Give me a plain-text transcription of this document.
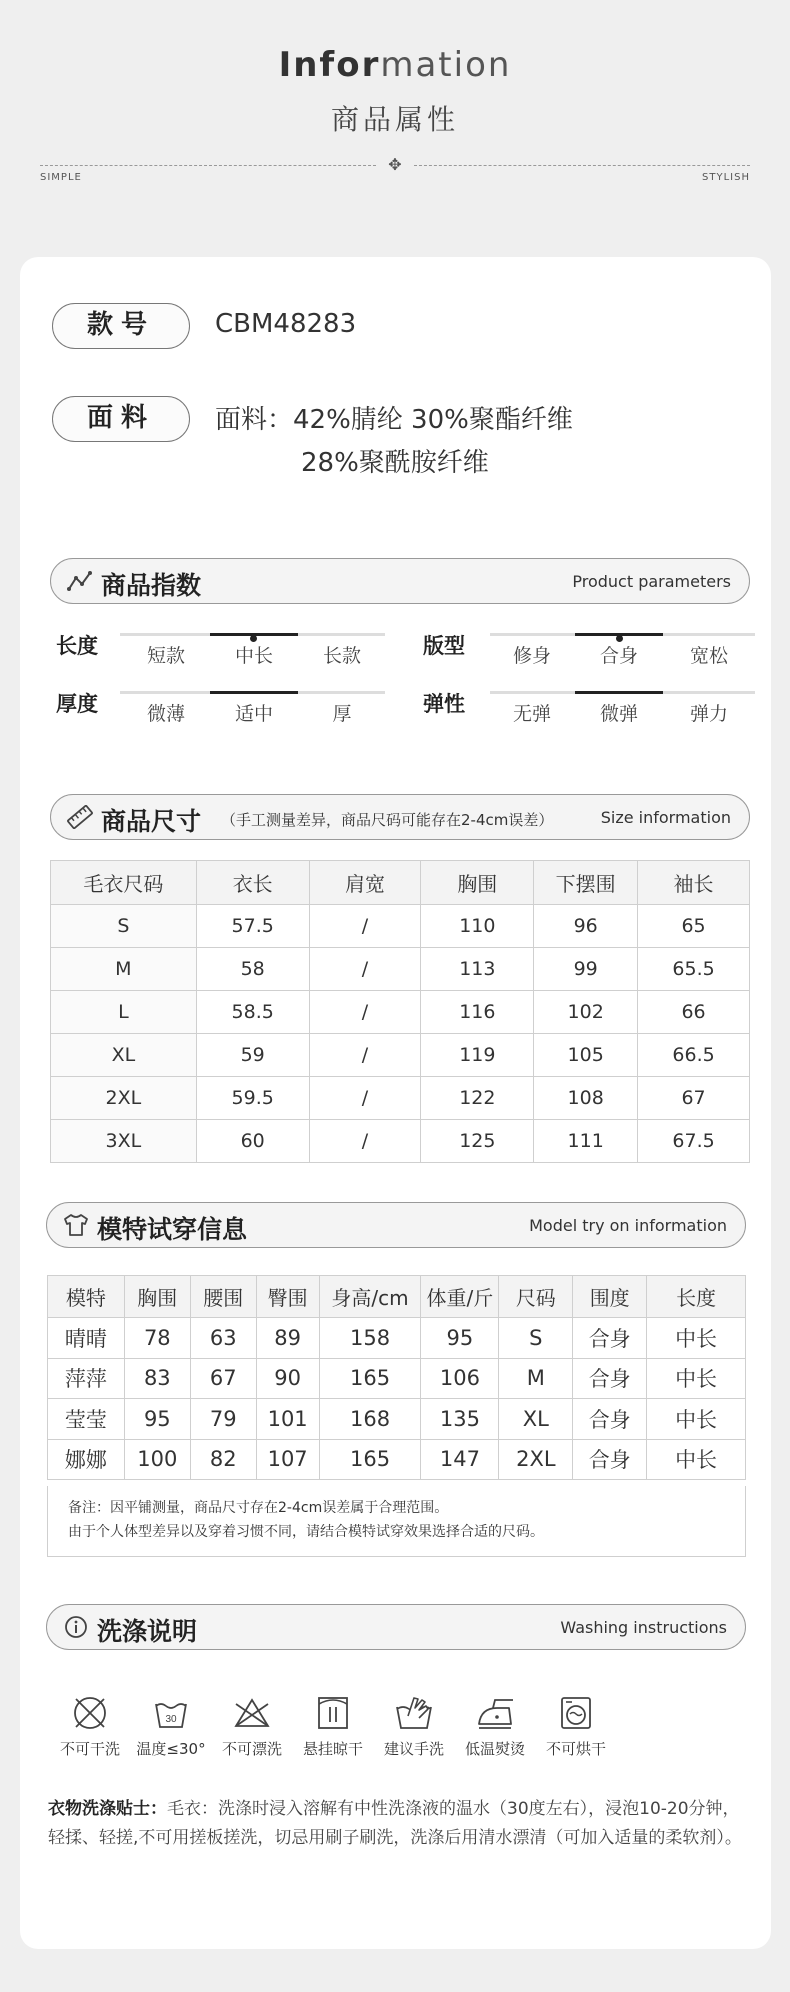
Information
商品属性
✥
SIMPLE	STYLISH
款号	CBM48283
面料	面料：42%腈纶 30%聚酯纤维
28%聚酰胺纤维
商品指数	Product parameters
长度	短款	中长	长款	版型	修身	合身	宽松
厚度	微薄	适中	厚	弹性	无弹	微弹	弹力
商品尺寸 （手工测量差异，商品尺码可能存在2-4cm误差）	Size information
毛衣尺码	衣长	肩宽	胸围	下摆围	袖长
S	57.5	/	110	96	65
M	58	/	113	99	65.5
L	58.5	/	116	102	66
XL	59	/	119	105	66.5
2XL	59.5	/	122	108	67
3XL	60	/	125	111	67.5
模特试穿信息	Model try on information
模特	胸围	腰围	臀围	身高/cm	体重/斤	尺码	围度	长度
晴晴	78	63	89	158	95	S	合身	中长
萍萍	83	67	90	165	106	M	合身	中长
莹莹	95	79	101	168	135	XL	合身	中长
娜娜	100	82	107	165	147	2XL	合身	中长
备注：因平铺测量，商品尺寸存在2-4cm误差属于合理范围。
由于个人体型差异以及穿着习惯不同，请结合模特试穿效果选择合适的尺码。
洗涤说明	Washing instructions
不可干洗
30
温度≤30°	不可漂洗	悬挂晾干	建议手洗	低温熨烫	不可烘干
衣物洗涤贴士：毛衣：洗涤时浸入溶解有中性洗涤液的温水（30度左右），浸泡10-20分钟，轻揉、轻搓,不可用搓板搓洗，切忌用刷子刷洗，洗涤后用清水漂清（可加入适量的柔软剂）。
